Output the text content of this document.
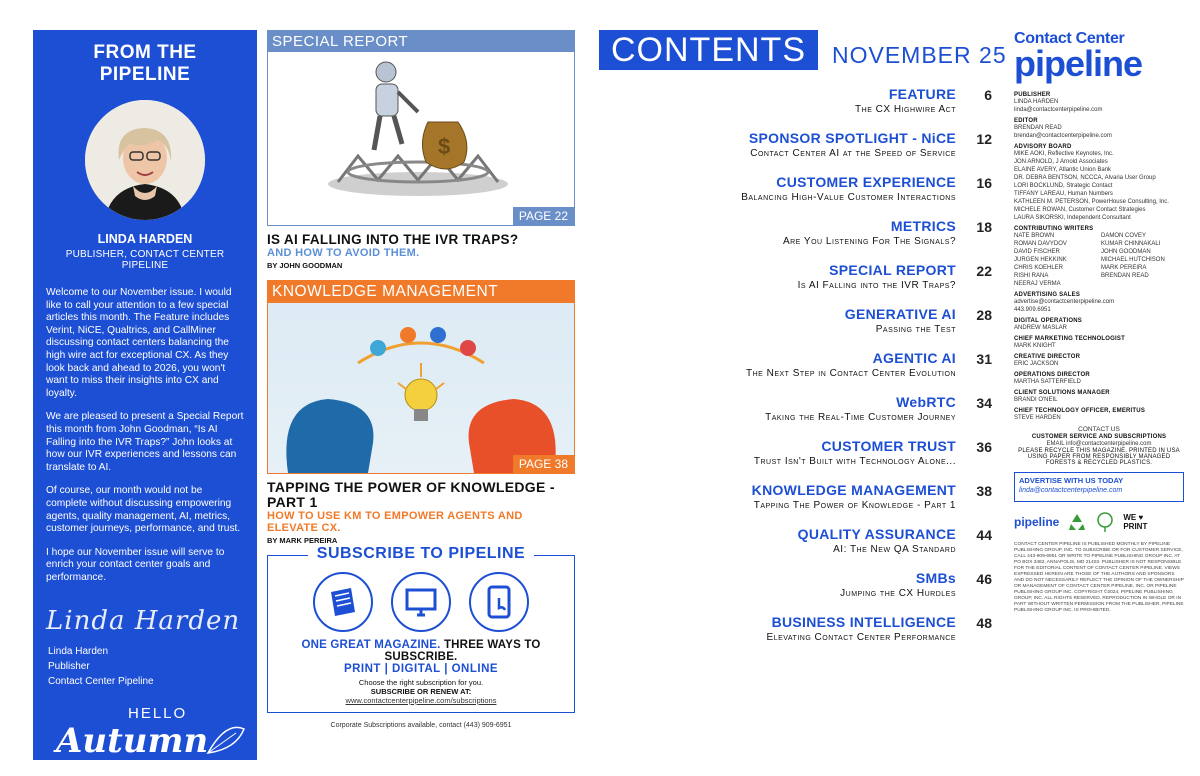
FROM THE PIPELINE
LINDA HARDEN
PUBLISHER, CONTACT CENTER PIPELINE

Welcome to our November issue. I would like to call your attention to a few special articles this month. The Feature includes Verint, NiCE, Qualtrics, and CallMiner discussing contact centers balancing the high wire act for exceptional CX. As they look back and ahead to 2026, you won't want to miss their insights into CX and loyalty.

We are pleased to present a Special Report this month from John Goodman, “Is AI Falling into the IVR Traps?” John looks at how our IVR experiences and lessons can translate to AI.

Of course, our month would not be complete without discussing empowering agents, quality management, AI, metrics, customer journeys, performance, and trust.

I hope our November issue will serve to enrich your contact center goals and performance.

Linda Harden
Linda Harden
Publisher
Contact Center Pipeline
HELLO
Autumn
SPECIAL REPORT
$
PAGE 22
IS AI FALLING INTO THE IVR TRAPS?
AND HOW TO AVOID THEM.
BY JOHN GOODMAN
KNOWLEDGE MANAGEMENT
PAGE 38
TAPPING THE POWER OF KNOWLEDGE -
PART 1
HOW TO USE KM TO EMPOWER AGENTS AND
ELEVATE CX.
BY MARK PEREIRA
SUBSCRIBE TO PIPELINE
ONE GREAT MAGAZINE. THREE WAYS TO SUBSCRIBE.
PRINT | DIGITAL | ONLINE
Choose the right subscription for you.
SUBSCRIBE OR RENEW AT:
www.contactcenterpipeline.com/subscriptions
Corporate Subscriptions available, contact (443) 909-6951
CONTENTS	NOVEMBER 25
FEATURE
The CX Highwire Act
6
SPONSOR SPOTLIGHT - NiCE
Contact Center AI at the Speed of Service
12
CUSTOMER EXPERIENCE
Balancing High-Value Customer Interactions
16
METRICS
Are You Listening For The Signals?
18
SPECIAL REPORT
Is AI Falling into the IVR Traps?
22
GENERATIVE AI
Passing the Test
28
AGENTIC AI
The Next Step in Contact Center Evolution
31
WebRTC
Taking the Real-Time Customer Journey
34
CUSTOMER TRUST
Trust Isn't Built with Technology Alone...
36
KNOWLEDGE MANAGEMENT
Tapping The Power of Knowledge - Part 1
38
QUALITY ASSURANCE
AI: The New QA Standard
44
SMBs
Jumping the CX Hurdles
46
BUSINESS INTELLIGENCE
Elevating Contact Center Performance
48
Contact Center
pipeline
PUBLISHER
LINDA HARDEN
linda@contactcenterpipeline.com
EDITOR
BRENDAN READ
brendan@contactcenterpipeline.com
ADVISORY BOARD
MIKE AOKI, Reflective Keynotes, Inc.
JON ARNOLD, J Arnold Associates
ELAINE AVERY, Atlantic Union Bank
DR. DEBRA BENTSON, NCCCA, Alvaria User Group
LORI BOCKLUND, Strategic Contact
TIFFANY LAREAU, Human Numbers
KATHLEEN M. PETERSON, PowerHouse Consulting, Inc.
MICHELE ROWAN, Customer Contact Strategies
LAURA SIKORSKI, Independent Consultant
CONTRIBUTING WRITERS
NATE BROWN	DAMON COVEY
ROMAN DAVYDOV	KUMAR CHINNAKALI
DAVID FISCHER	JOHN GOODMAN
JURGEN HEKKINK	MICHAEL HUTCHISON
CHRIS KOEHLER	MARK PEREIRA
RISHI RANA	BRENDAN READ
NEERAJ VERMA
ADVERTISING SALES
advertise@contactcenterpipeline.com
443.909.6951
DIGITAL OPERATIONS
ANDREW MASLAR
CHIEF MARKETING TECHNOLOGIST
MARK KNIGHT
CREATIVE DIRECTOR
ERIC JACKSON
OPERATIONS DIRECTOR
MARTHA SATTERFIELD
CLIENT SOLUTIONS MANAGER
BRANDI O'NEIL
CHIEF TECHNOLOGY OFFICER, EMERITUS
STEVE HARDEN
CONTACT US
CUSTOMER SERVICE AND SUBSCRIPTIONS
EMAIL info@contactcenterpipeline.com
PLEASE RECYCLE THIS MAGAZINE. PRINTED IN USA USING PAPER FROM RESPONSIBLY MANAGED FORESTS & RECYCLED PLASTICS.
ADVERTISE WITH US TODAY
linda@contactcenterpipeline.com
pipeline	WE ♥ PRINT
CONTACT CENTER PIPELINE IS PUBLISHED MONTHLY BY PIPELINE PUBLISHING GROUP, INC. TO SUBSCRIBE OR FOR CUSTOMER SERVICE, CALL 443-909-6951 OR WRITE TO PIPELINE PUBLISHING GROUP INC. AT PO BOX 3482, ANNAPOLIS, MD 21403. PUBLISHER IS NOT RESPONSIBLE FOR THE EDITORIAL CONTENT OF CONTACT CENTER PIPELINE. VIEWS EXPRESSED HEREIN ARE THOSE OF THE AUTHORS AND SPONSORS AND DO NOT NECESSARILY REFLECT THE OPINION OF THE OWNERSHIP OR MANAGEMENT OF CONTACT CENTER PIPELINE, INC. OR PIPELINE PUBLISHING GROUP INC. COPYRIGHT ©2024, PIPELINE PUBLISHING GROUP, INC. ALL RIGHTS RESERVED. REPRODUCTION IN WHOLE OR IN PART WITHOUT WRITTEN PERMISSION FROM THE PUBLISHER, PIPELINE PUBLISHING GROUP INC. IS PROHIBITED.
